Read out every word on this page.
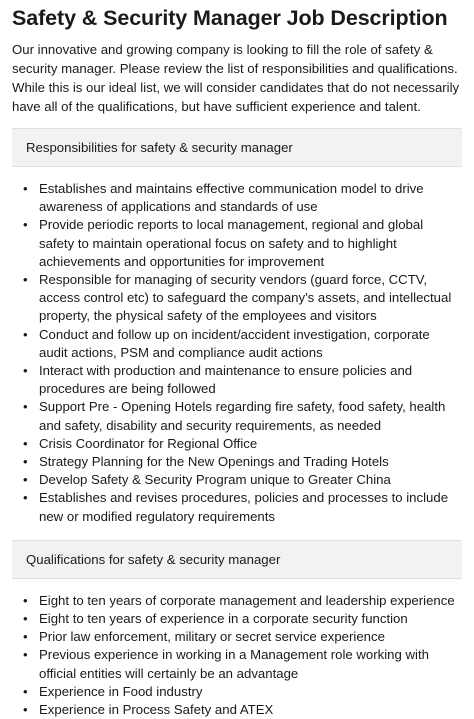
Safety & Security Manager Job Description

Our innovative and growing company is looking to fill the role of safety & security manager. Please review the list of responsibilities and qualifications. While this is our ideal list, we will consider candidates that do not necessarily have all of the qualifications, but have sufficient experience and talent.

Responsibilities for safety & security manager
• Establishes and maintains effective communication model to drive awareness of applications and standards of use
• Provide periodic reports to local management, regional and global safety to maintain operational focus on safety and to highlight achievements and opportunities for improvement
• Responsible for managing of security vendors (guard force, CCTV, access control etc) to safeguard the company's assets, and intellectual property, the physical safety of the employees and visitors
• Conduct and follow up on incident/accident investigation, corporate audit actions, PSM and compliance audit actions
• Interact with production and maintenance to ensure policies and procedures are being followed
• Support Pre - Opening Hotels regarding fire safety, food safety, health and safety, disability and security requirements, as needed
• Crisis Coordinator for Regional Office
• Strategy Planning for the New Openings and Trading Hotels
• Develop Safety & Security Program unique to Greater China
• Establishes and revises procedures, policies and processes to include new or modified regulatory requirements
Qualifications for safety & security manager
• Eight to ten years of corporate management and leadership experience
• Eight to ten years of experience in a corporate security function
• Prior law enforcement, military or secret service experience
• Previous experience in working in a Management role working with official entities will certainly be an advantage
• Experience in Food industry
• Experience in Process Safety and ATEX
